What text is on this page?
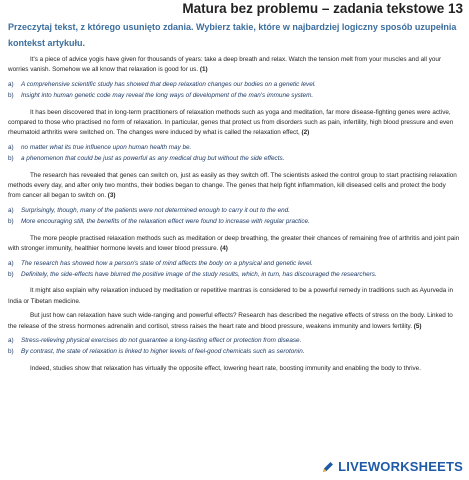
Matura bez problemu – zadania tekstowe 13
Przeczytaj tekst, z którego usunięto zdania. Wybierz takie, które w najbardziej logiczny sposób uzupełnia kontekst artykułu.

It's a piece of advice yogis have given for thousands of years: take a deep breath and relax. Watch the tension melt from your muscles and all your worries vanish. Somehow we all know that relaxation is good for us. (1)

a)	A comprehensive scientific study has showed that deep relaxation changes our bodies on a genetic level.
b)	Insight into human genetic code may reveal the long ways of development of the man's immune system.

It has been discovered that in long-term practitioners of relaxation methods such as yoga and meditation, far more disease-fighting genes were active, compared to those who practised no form of relaxation. In particular, genes that protect us from disorders such as pain, infertility, high blood pressure and even rheumatoid arthritis were switched on. The changes were induced by what is called the relaxation effect, (2)

a)	no matter what its true influence upon human health may be.
b)	a phenomenon that could be just as powerful as any medical drug but without the side effects.

The research has revealed that genes can switch on, just as easily as they switch off. The scientists asked the control group to start practising relaxation methods every day, and after only two months, their bodies began to change. The genes that help fight inflammation, kill diseased cells and protect the body from cancer all began to switch on. (3)

a)	Surprisingly, though, many of the patients were not determined enough to carry it out to the end.
b)	More encouraging still, the benefits of the relaxation effect were found to increase with regular practice.

The more people practised relaxation methods such as meditation or deep breathing, the greater their chances of remaining free of arthritis and joint pain with stronger immunity, healthier hormone levels and lower blood pressure. (4)

a)	The research has showed how a person's state of mind affects the body on a physical and genetic level.
b)	Definitely, the side-effects have blurred the positive image of the study results, which, in turn, has discouraged the researchers.

It might also explain why relaxation induced by meditation or repetitive mantras is considered to be a powerful remedy in traditions such as Ayurveda in India or Tibetan medicine.

But just how can relaxation have such wide-ranging and powerful effects? Research has described the negative effects of stress on the body. Linked to the release of the stress hormones adrenalin and cortisol, stress raises the heart rate and blood pressure, weakens immunity and lowers fertility. (5)

a)	Stress-relieving physical exercises do not guarantee a long-lasting effect or protection from disease.
b)	By contrast, the state of relaxation is linked to higher levels of feel-good chemicals such as serotonin.

Indeed, studies show that relaxation has virtually the opposite effect, lowering heart rate, boosting immunity and enabling the body to thrive.

LIVEWORKSHEETS
